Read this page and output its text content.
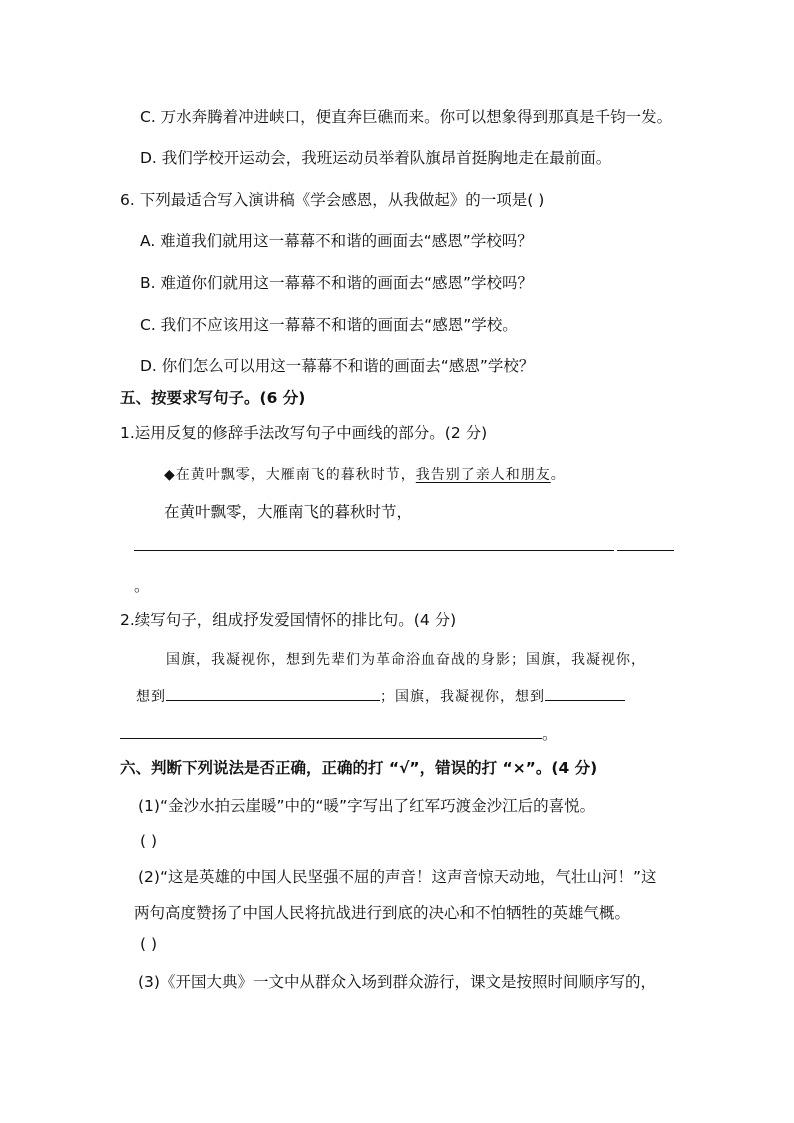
C. 万水奔腾着冲进峡口，便直奔巨礁而来。你可以想象得到那真是千钧一发。
D. 我们学校开运动会，我班运动员举着队旗昂首挺胸地走在最前面。
6. 下列最适合写入演讲稿《学会感恩，从我做起》的一项是( )
A. 难道我们就用这一幕幕不和谐的画面去“感恩”学校吗？
B. 难道你们就用这一幕幕不和谐的画面去“感恩”学校吗？
C. 我们不应该用这一幕幕不和谐的画面去“感恩”学校。
D. 你们怎么可以用这一幕幕不和谐的画面去“感恩”学校？
五、按要求写句子。(6 分)
1.运用反复的修辞手法改写句子中画线的部分。(2 分)
◆在黄叶飘零，大雁南飞的暮秋时节，我告别了亲人和朋友。
在黄叶飘零，大雁南飞的暮秋时节，
。
2.续写句子，组成抒发爱国情怀的排比句。(4 分)
国旗，我凝视你，想到先辈们为革命浴血奋战的身影；国旗，我凝视你，
想到	；国旗，我凝视你，想到
。
六、判断下列说法是否正确，正确的打 “√”，错误的打 “×”。(4 分)
(1)“金沙水拍云崖暖”中的“暖”字写出了红军巧渡金沙江后的喜悦。
( )
(2)“这是英雄的中国人民坚强不屈的声音！这声音惊天动地，气壮山河！”这
两句高度赞扬了中国人民将抗战进行到底的决心和不怕牺牲的英雄气概。
( )
(3)《开国大典》一文中从群众入场到群众游行，课文是按照时间顺序写的，
